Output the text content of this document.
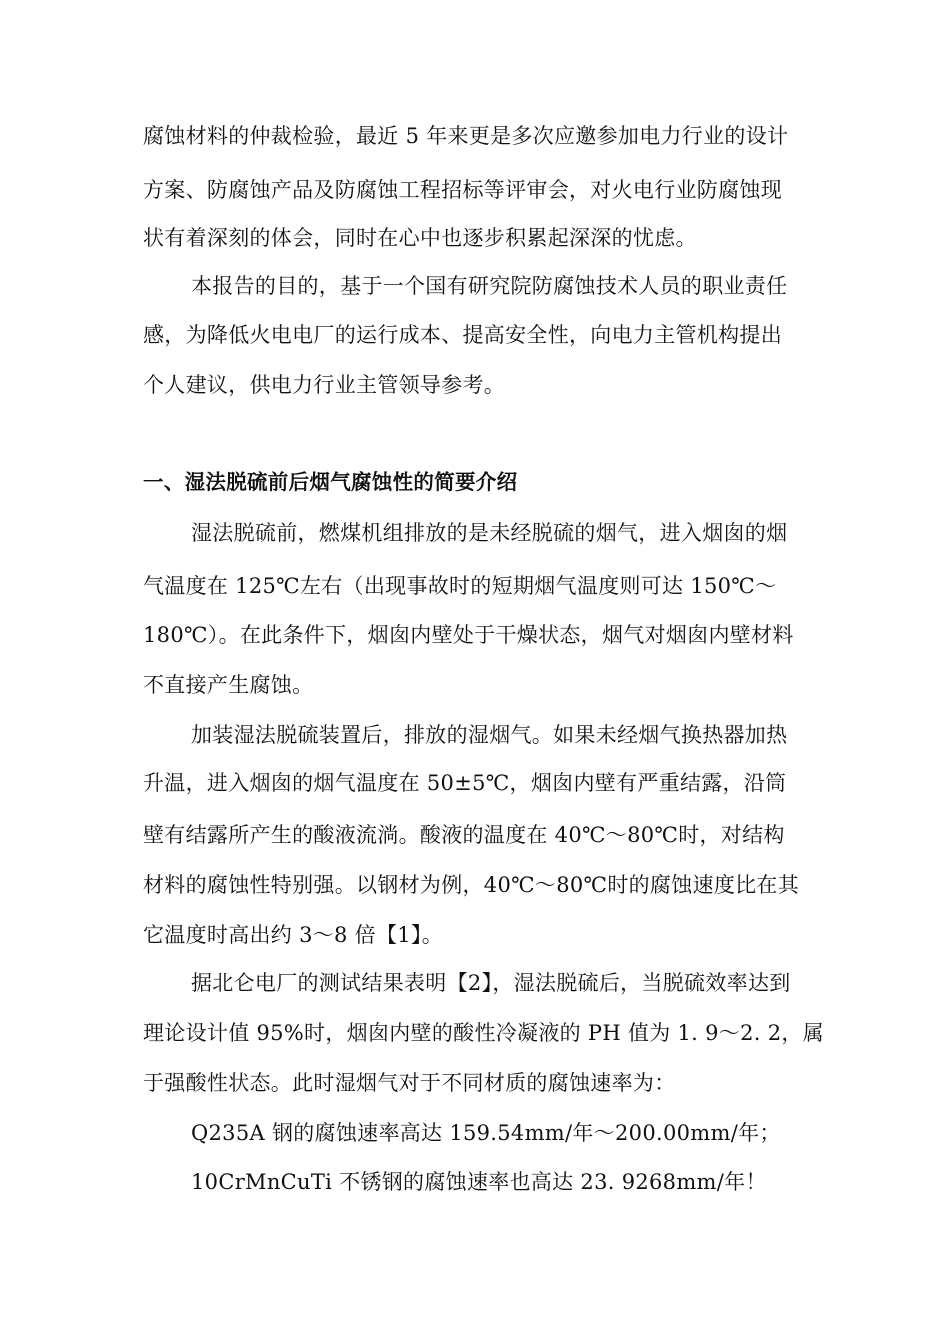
腐蚀材料的仲裁检验，最近 5 年来更是多次应邀参加电力行业的设计
方案、防腐蚀产品及防腐蚀工程招标等评审会，对火电行业防腐蚀现
状有着深刻的体会，同时在心中也逐步积累起深深的忧虑。
本报告的目的，基于一个国有研究院防腐蚀技术人员的职业责任
感，为降低火电电厂的运行成本、提高安全性，向电力主管机构提出
个人建议，供电力行业主管领导参考。
一、湿法脱硫前后烟气腐蚀性的简要介绍
湿法脱硫前，燃煤机组排放的是未经脱硫的烟气，进入烟囱的烟
气温度在 125℃左右（出现事故时的短期烟气温度则可达 150℃～
180℃）。在此条件下，烟囱内壁处于干燥状态，烟气对烟囱内壁材料
不直接产生腐蚀。
加装湿法脱硫装置后，排放的湿烟气。如果未经烟气换热器加热
升温，进入烟囱的烟气温度在 50±5℃，烟囱内壁有严重结露，沿筒
壁有结露所产生的酸液流淌。酸液的温度在 40℃～80℃时，对结构
材料的腐蚀性特别强。以钢材为例，40℃～80℃时的腐蚀速度比在其
它温度时高出约 3～8 倍【1】。
据北仑电厂的测试结果表明【2】，湿法脱硫后，当脱硫效率达到
理论设计值 95%时，烟囱内壁的酸性冷凝液的 PH 值为 1. 9～2. 2，属
于强酸性状态。此时湿烟气对于不同材质的腐蚀速率为：
Q235A 钢的腐蚀速率高达 159.54mm/年～200.00mm/年；
10CrMnCuTi 不锈钢的腐蚀速率也高达 23. 9268mm/年！
